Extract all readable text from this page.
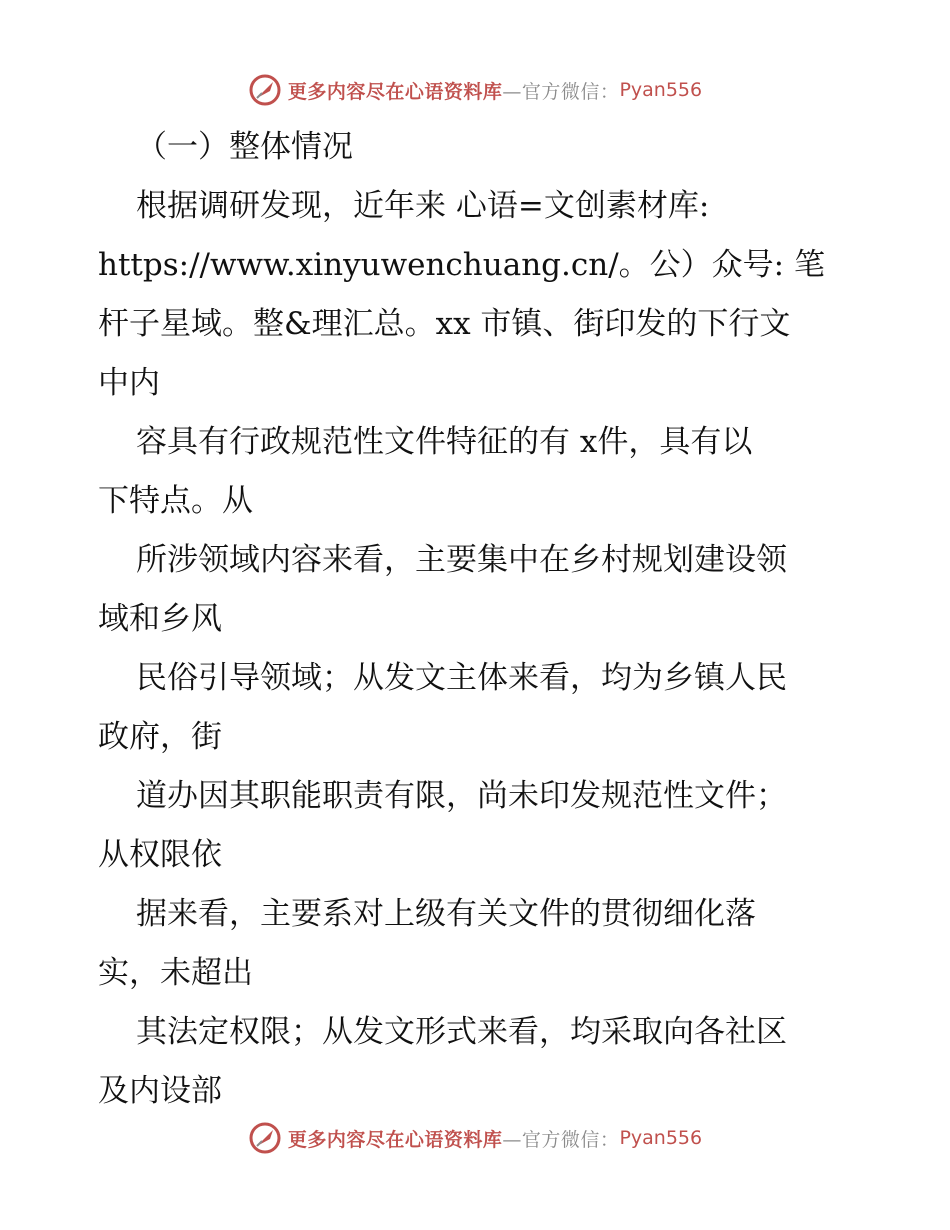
更多内容尽在心语资料库 —官方微信： Pyan556
（一）整体情况
根据调研发现，近年来 心语=文创素材库:
https://www.xinyuwenchuang.cn/。公）众号: 笔
杆子星域。整&理汇总。xx 市镇、街印发的下行文
中内
容具有行政规范性文件特征的有 x件，具有以
下特点。从
所涉领域内容来看，主要集中在乡村规划建设领
域和乡风
民俗引导领域；从发文主体来看，均为乡镇人民
政府，街
道办因其职能职责有限，尚未印发规范性文件；
从权限依
据来看，主要系对上级有关文件的贯彻细化落
实，未超出
其法定权限；从发文形式来看，均采取向各社区
及内设部
更多内容尽在心语资料库 —官方微信： Pyan556
